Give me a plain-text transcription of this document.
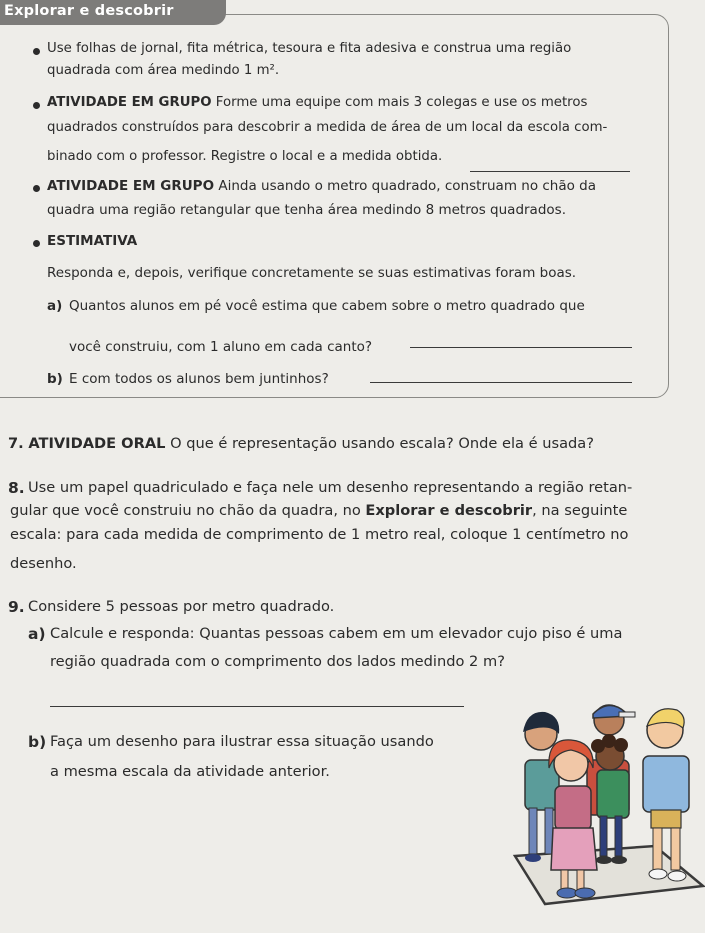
Explorar e descobrir

Use folhas de jornal, fita métrica, tesoura e fita adesiva e construa uma região

quadrada com área medindo 1 m².

ATIVIDADE EM GRUPO Forme uma equipe com mais 3 colegas e use os metros

quadrados construídos para descobrir a medida de área de um local da escola com-

binado com o professor. Registre o local e a medida obtida.

ATIVIDADE EM GRUPO Ainda usando o metro quadrado, construam no chão da

quadra uma região retangular que tenha área medindo 8 metros quadrados.

ESTIMATIVA

Responda e, depois, verifique concretamente se suas estimativas foram boas.

a) Quantos alunos em pé você estima que cabem sobre o metro quadrado que

você construiu, com 1 aluno em cada canto?

b) E com todos os alunos bem juntinhos?

7. ATIVIDADE ORAL O que é representação usando escala? Onde ela é usada?

8. Use um papel quadriculado e faça nele um desenho representando a região retan-

gular que você construiu no chão da quadra, no Explorar e descobrir, na seguinte

escala: para cada medida de comprimento de 1 metro real, coloque 1 centímetro no

desenho.

9. Considere 5 pessoas por metro quadrado.

a) Calcule e responda: Quantas pessoas cabem em um elevador cujo piso é uma

região quadrada com o comprimento dos lados medindo 2 m?

b) Faça um desenho para ilustrar essa situação usando

a mesma escala da atividade anterior.
